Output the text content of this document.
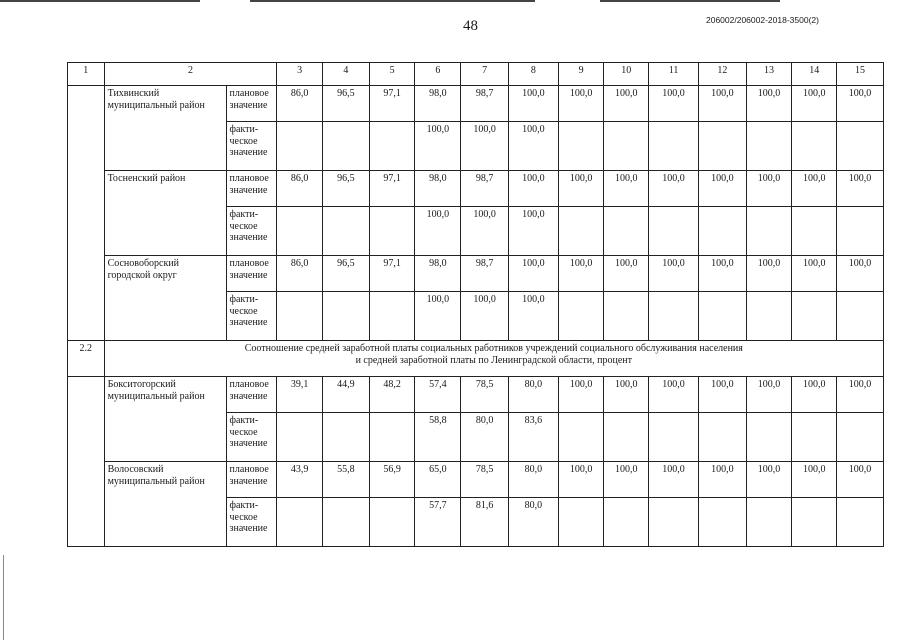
48	206002/206002-2018-3500(2)
1	2		3	4	5	6	7	8	9	10	11	12	13	14	15
	Тихвинский муниципальный район	плановое значение	86,0	96,5	97,1	98,0	98,7	100,0	100,0	100,0	100,0	100,0	100,0	100,0	100,0
		факти-ческое значение				100,0	100,0	100,0							
	Тосненский район	плановое значение	86,0	96,5	97,1	98,0	98,7	100,0	100,0	100,0	100,0	100,0	100,0	100,0	100,0
		факти-ческое значение				100,0	100,0	100,0							
	Сосновоборский городской округ	плановое значение	86,0	96,5	97,1	98,0	98,7	100,0	100,0	100,0	100,0	100,0	100,0	100,0	100,0
		факти-ческое значение				100,0	100,0	100,0							
2.2	Соотношение средней заработной платы социальных работников учреждений социального обслуживания населения
и средней заработной платы по Ленинградской области, процент														

	Бокситогорский муниципальный район	плановое значение	39,1	44,9	48,2	57,4	78,5	80,0	100,0	100,0	100,0	100,0	100,0	100,0	100,0
		факти-ческое значение				58,8	80,0	83,6							
	Волосовский муниципальный район	плановое значение	43,9	55,8	56,9	65,0	78,5	80,0	100,0	100,0	100,0	100,0	100,0	100,0	100,0
		факти-ческое значение				57,7	81,6	80,0							
